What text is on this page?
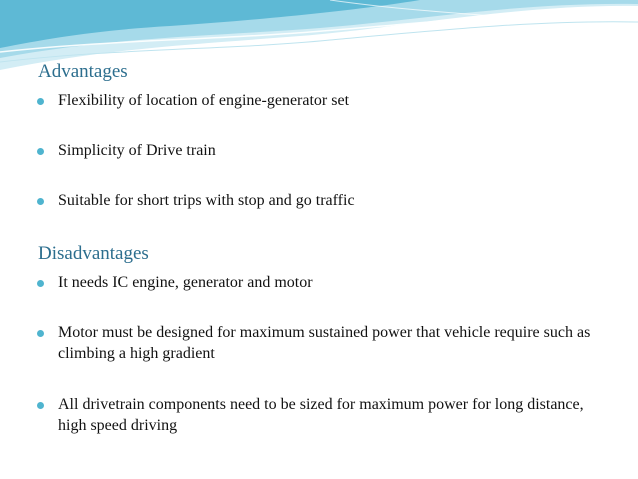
Advantages
Flexibility of location of engine-generator set
Simplicity of Drive train
Suitable for short trips with stop and go traffic
Disadvantages
It needs IC engine, generator and motor
Motor must be designed for maximum sustained power that vehicle require such as climbing a high gradient
All drivetrain components need to be sized for maximum power for long distance, high speed driving
